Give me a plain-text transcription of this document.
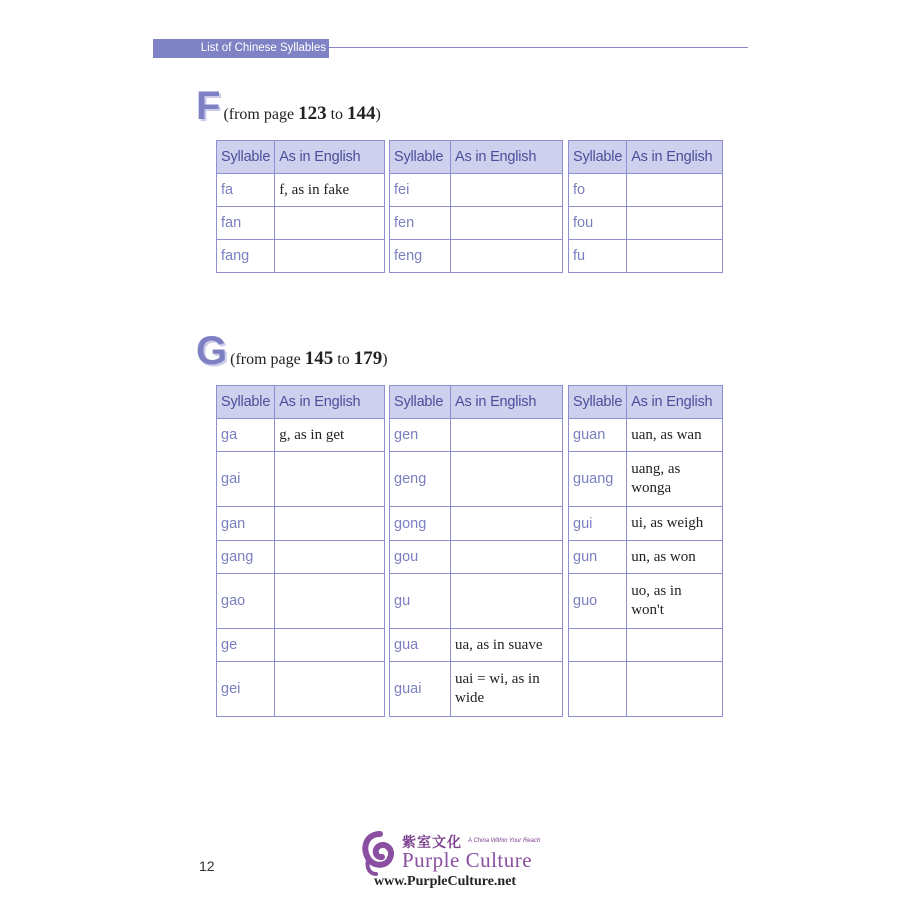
List of Chinese Syllables
F (from page 123 to 144)
Syllable	As in English
fa	f, as in fake
fan	
fang	
Syllable	As in English
fei	
fen	
feng	
Syllable	As in English
fo	
fou	
fu	
G (from page 145 to 179)
Syllable	As in English
ga	g, as in get
gai	
gan	
gang	
gao	
ge	
gei	
Syllable	As in English
gen	
geng	
gong	
gou	
gu	
gua	ua, as in suave
guai	uai = wi, as in wide
Syllable	As in English
guan	uan, as wan
guang	uang, as wonga
gui	ui, as weigh
gun	un, as won
guo	uo, as in won't

12
紫室文化 A China Within Your Reach
Purple Culture
www.PurpleCulture.net
